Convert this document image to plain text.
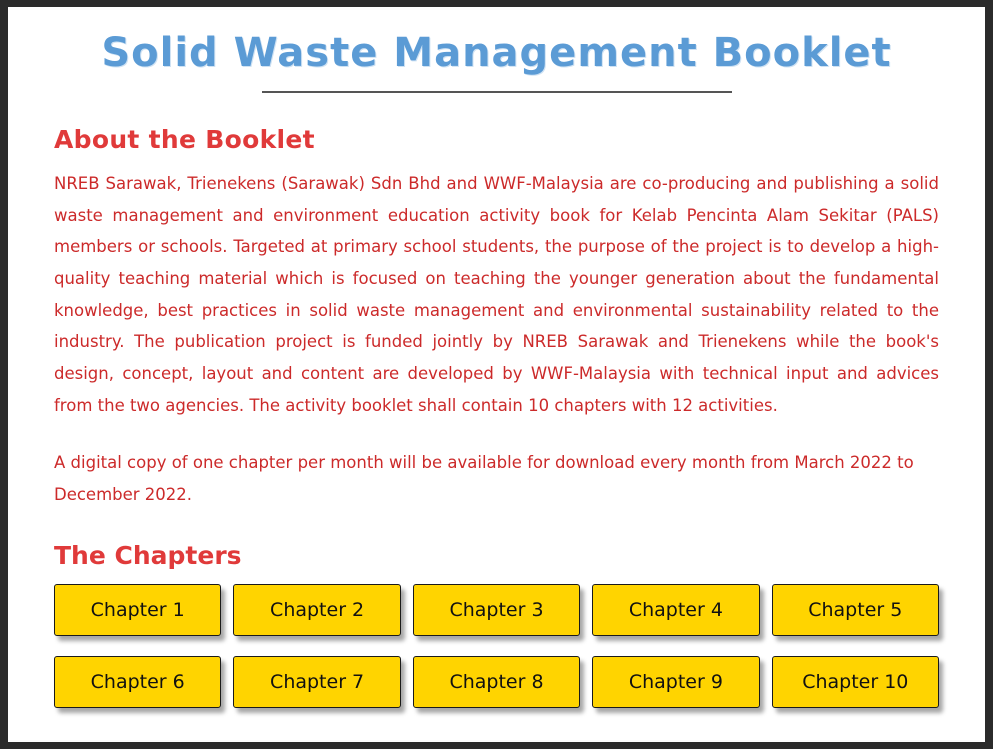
Solid Waste Management Booklet
About the Booklet

NREB Sarawak, Trienekens (Sarawak) Sdn Bhd and WWF-Malaysia are co-producing and publishing a solid waste management and environment education activity book for Kelab Pencinta Alam Sekitar (PALS) members or schools. Targeted at primary school students, the purpose of the project is to develop a high-quality teaching material which is focused on teaching the younger generation about the fundamental knowledge, best practices in solid waste management and environmental sustainability related to the industry. The publication project is funded jointly by NREB Sarawak and Trienekens while the book's design, concept, layout and content are developed by WWF-Malaysia with technical input and advices from the two agencies. The activity booklet shall contain 10 chapters with 12 activities.

A digital copy of one chapter per month will be available for download every month from March 2022 to December 2022.

The Chapters
Chapter 1	Chapter 2	Chapter 3	Chapter 4	Chapter 5
Chapter 6	Chapter 7	Chapter 8	Chapter 9	Chapter 10
